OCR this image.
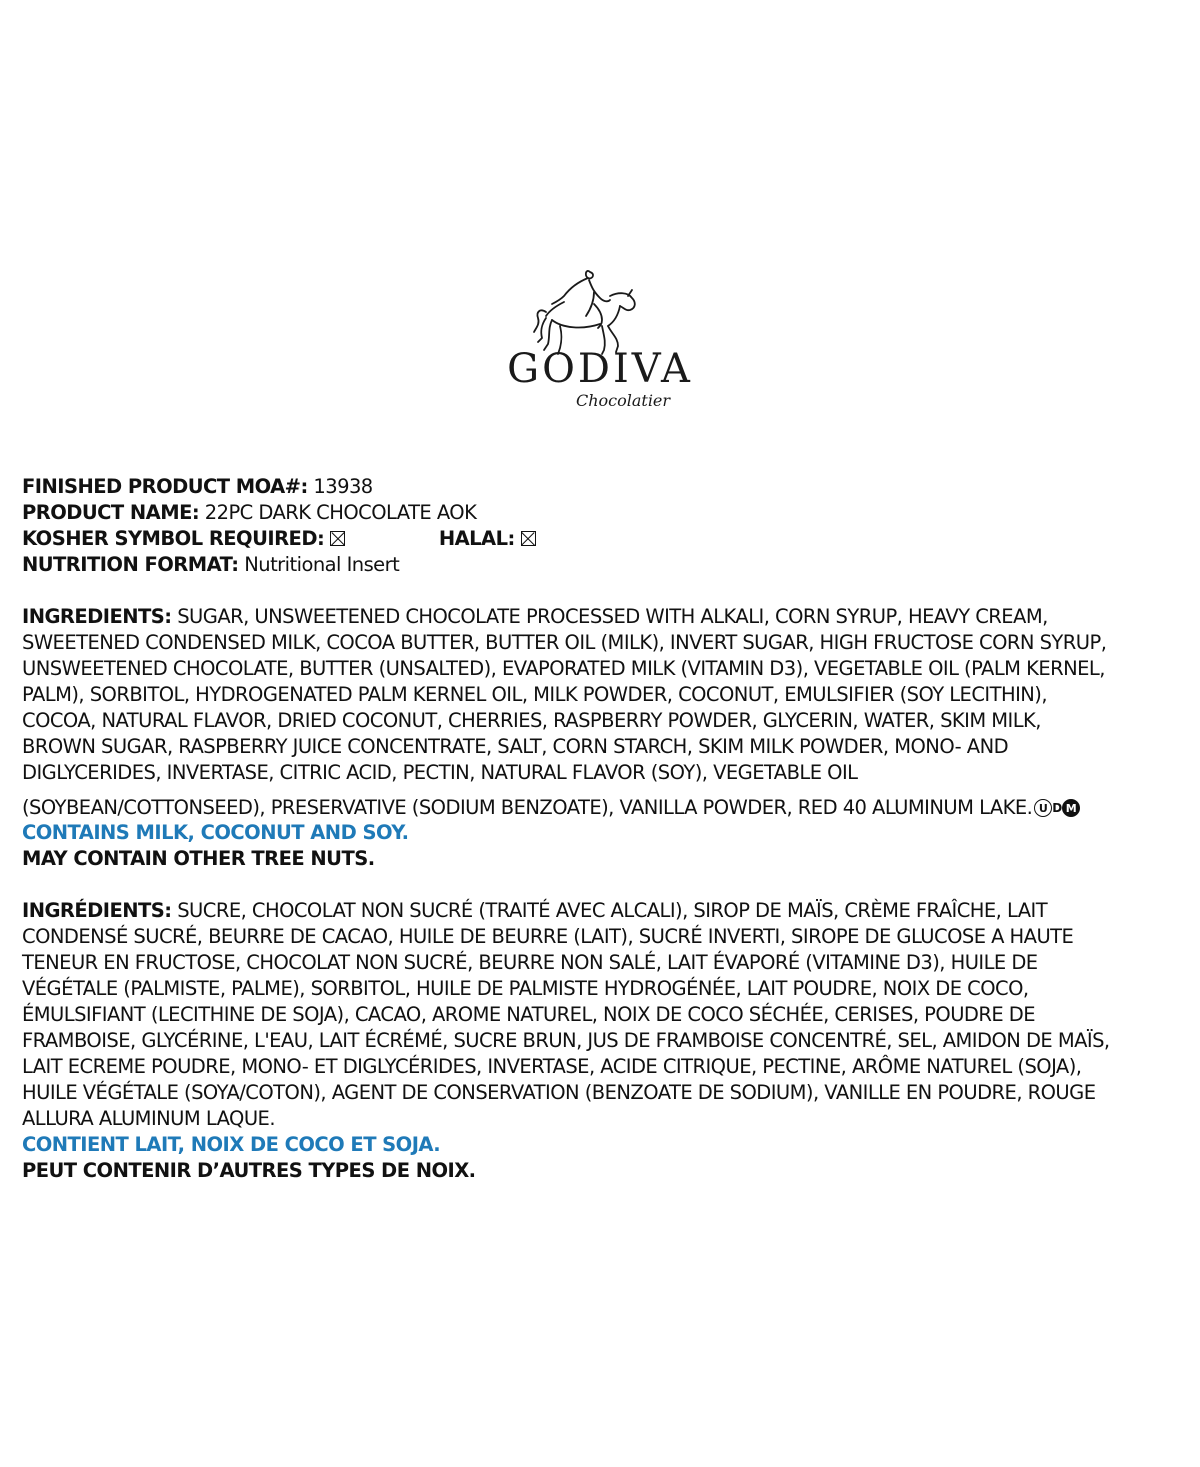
GODIVA
Chocolatier
FINISHED PRODUCT MOA#: 13938
PRODUCT NAME: 22PC DARK CHOCOLATE AOK
KOSHER SYMBOL REQUIRED:	HALAL:
NUTRITION FORMAT: Nutritional Insert
INGREDIENTS: SUGAR, UNSWEETENED CHOCOLATE PROCESSED WITH ALKALI, CORN SYRUP, HEAVY CREAM,
SWEETENED CONDENSED MILK, COCOA BUTTER, BUTTER OIL (MILK), INVERT SUGAR, HIGH FRUCTOSE CORN SYRUP,
UNSWEETENED CHOCOLATE, BUTTER (UNSALTED), EVAPORATED MILK (VITAMIN D3), VEGETABLE OIL (PALM KERNEL,
PALM), SORBITOL, HYDROGENATED PALM KERNEL OIL, MILK POWDER, COCONUT, EMULSIFIER (SOY LECITHIN),
COCOA, NATURAL FLAVOR, DRIED COCONUT, CHERRIES, RASPBERRY POWDER, GLYCERIN, WATER, SKIM MILK,
BROWN SUGAR, RASPBERRY JUICE CONCENTRATE, SALT, CORN STARCH, SKIM MILK POWDER, MONO- AND
DIGLYCERIDES, INVERTASE, CITRIC ACID, PECTIN, NATURAL FLAVOR (SOY), VEGETABLE OIL
(SOYBEAN/COTTONSEED), PRESERVATIVE (SODIUM BENZOATE), VANILLA POWDER, RED 40 ALUMINUM LAKE. U D M
CONTAINS MILK, COCONUT AND SOY.
MAY CONTAIN OTHER TREE NUTS.
INGRÉDIENTS: SUCRE, CHOCOLAT NON SUCRÉ (TRAITÉ AVEC ALCALI), SIROP DE MAÏS, CRÈME FRAÎCHE, LAIT
CONDENSÉ SUCRÉ, BEURRE DE CACAO, HUILE DE BEURRE (LAIT), SUCRÉ INVERTI, SIROPE DE GLUCOSE A HAUTE
TENEUR EN FRUCTOSE, CHOCOLAT NON SUCRÉ, BEURRE NON SALÉ, LAIT ÉVAPORÉ (VITAMINE D3), HUILE DE
VÉGÉTALE (PALMISTE, PALME), SORBITOL, HUILE DE PALMISTE HYDROGÉNÉE, LAIT POUDRE, NOIX DE COCO,
ÉMULSIFIANT (LECITHINE DE SOJA), CACAO, AROME NATUREL, NOIX DE COCO SÉCHÉE, CERISES, POUDRE DE
FRAMBOISE, GLYCÉRINE, L'EAU, LAIT ÉCRÉMÉ, SUCRE BRUN, JUS DE FRAMBOISE CONCENTRÉ, SEL, AMIDON DE MAÏS,
LAIT ECREME POUDRE, MONO- ET DIGLYCÉRIDES, INVERTASE, ACIDE CITRIQUE, PECTINE, ARÔME NATUREL (SOJA),
HUILE VÉGÉTALE (SOYA/COTON), AGENT DE CONSERVATION (BENZOATE DE SODIUM), VANILLE EN POUDRE, ROUGE
ALLURA ALUMINUM LAQUE.
CONTIENT LAIT, NOIX DE COCO ET SOJA.
PEUT CONTENIR D’AUTRES TYPES DE NOIX.
